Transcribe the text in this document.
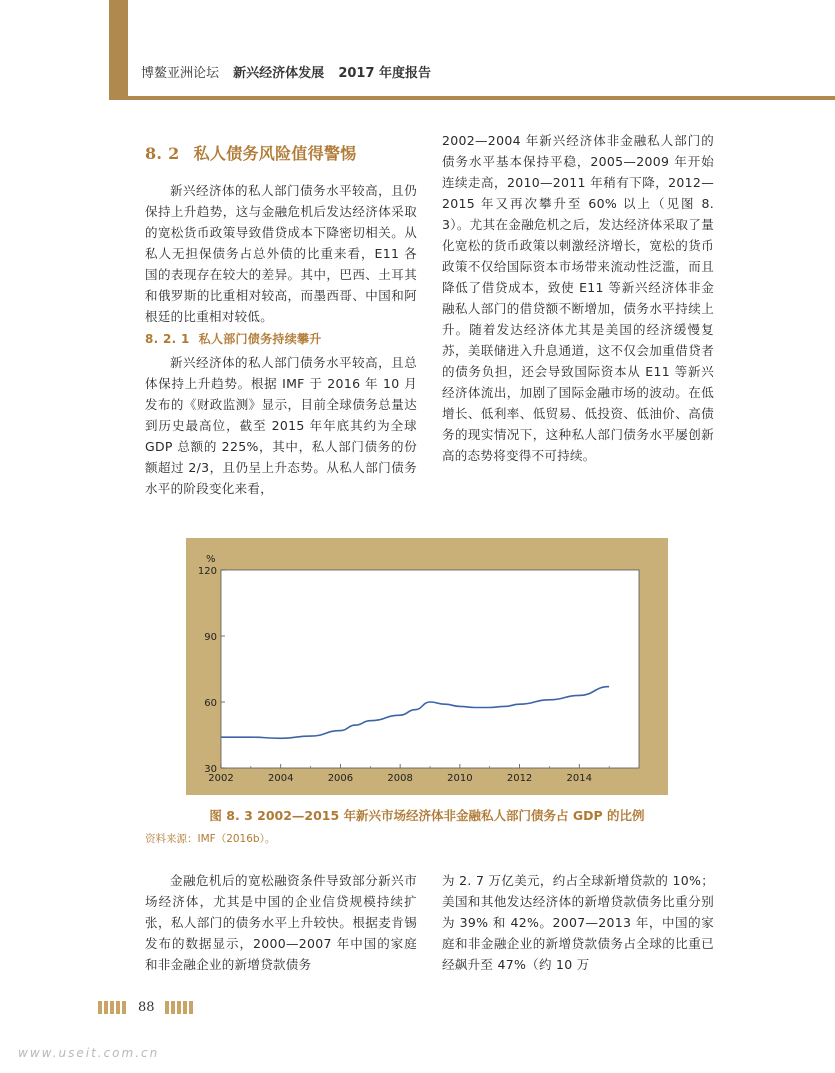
博鳌亚洲论坛 新兴经济体发展 2017 年度报告
8. 2 私人债务风险值得警惕

新兴经济体的私人部门债务水平较高，且仍保持上升趋势，这与金融危机后发达经济体采取的宽松货币政策导致借贷成本下降密切相关。从私人无担保债务占总外债的比重来看，E11 各国的表现存在较大的差异。其中，巴西、土耳其和俄罗斯的比重相对较高，而墨西哥、中国和阿根廷的比重相对较低。

8. 2. 1 私人部门债务持续攀升

新兴经济体的私人部门债务水平较高，且总体保持上升趋势。根据 IMF 于 2016 年 10 月发布的《财政监测》显示，目前全球债务总量达到历史最高位，截至 2015 年年底其约为全球 GDP 总额的 225%，其中，私人部门债务的份额超过 2/3，且仍呈上升态势。从私人部门债务水平的阶段变化来看，

2002—2004 年新兴经济体非金融私人部门的债务水平基本保持平稳，2005—2009 年开始连续走高，2010—2011 年稍有下降，2012—2015 年又再次攀升至 60% 以上（见图 8. 3）。尤其在金融危机之后，发达经济体采取了量化宽松的货币政策以刺激经济增长，宽松的货币政策不仅给国际资本市场带来流动性泛滥，而且降低了借贷成本，致使 E11 等新兴经济体非金融私人部门的借贷额不断增加，债务水平持续上升。随着发达经济体尤其是美国的经济缓慢复苏，美联储进入升息通道，这不仅会加重借贷者的债务负担，还会导致国际资本从 E11 等新兴经济体流出，加剧了国际金融市场的波动。在低增长、低利率、低贸易、低投资、低油价、高债务的现实情况下，这种私人部门债务水平屡创新高的态势将变得不可持续。

%
30
60
90
120
2002	2004	2006	2008	2010	2012	2014
图 8. 3 2002—2015 年新兴市场经济体非金融私人部门债务占 GDP 的比例
资料来源：IMF（2016b）。

金融危机后的宽松融资条件导致部分新兴市场经济体，尤其是中国的企业信贷规模持续扩张，私人部门的债务水平上升较快。根据麦肯锡发布的数据显示，2000—2007 年中国的家庭和非金融企业的新增贷款债务

为 2. 7 万亿美元，约占全球新增贷款的 10%；美国和其他发达经济体的新增贷款债务比重分别为 39% 和 42%。2007—2013 年，中国的家庭和非金融企业的新增贷款债务占全球的比重已经飙升至 47%（约 10 万

88
www.useit.com.cn
